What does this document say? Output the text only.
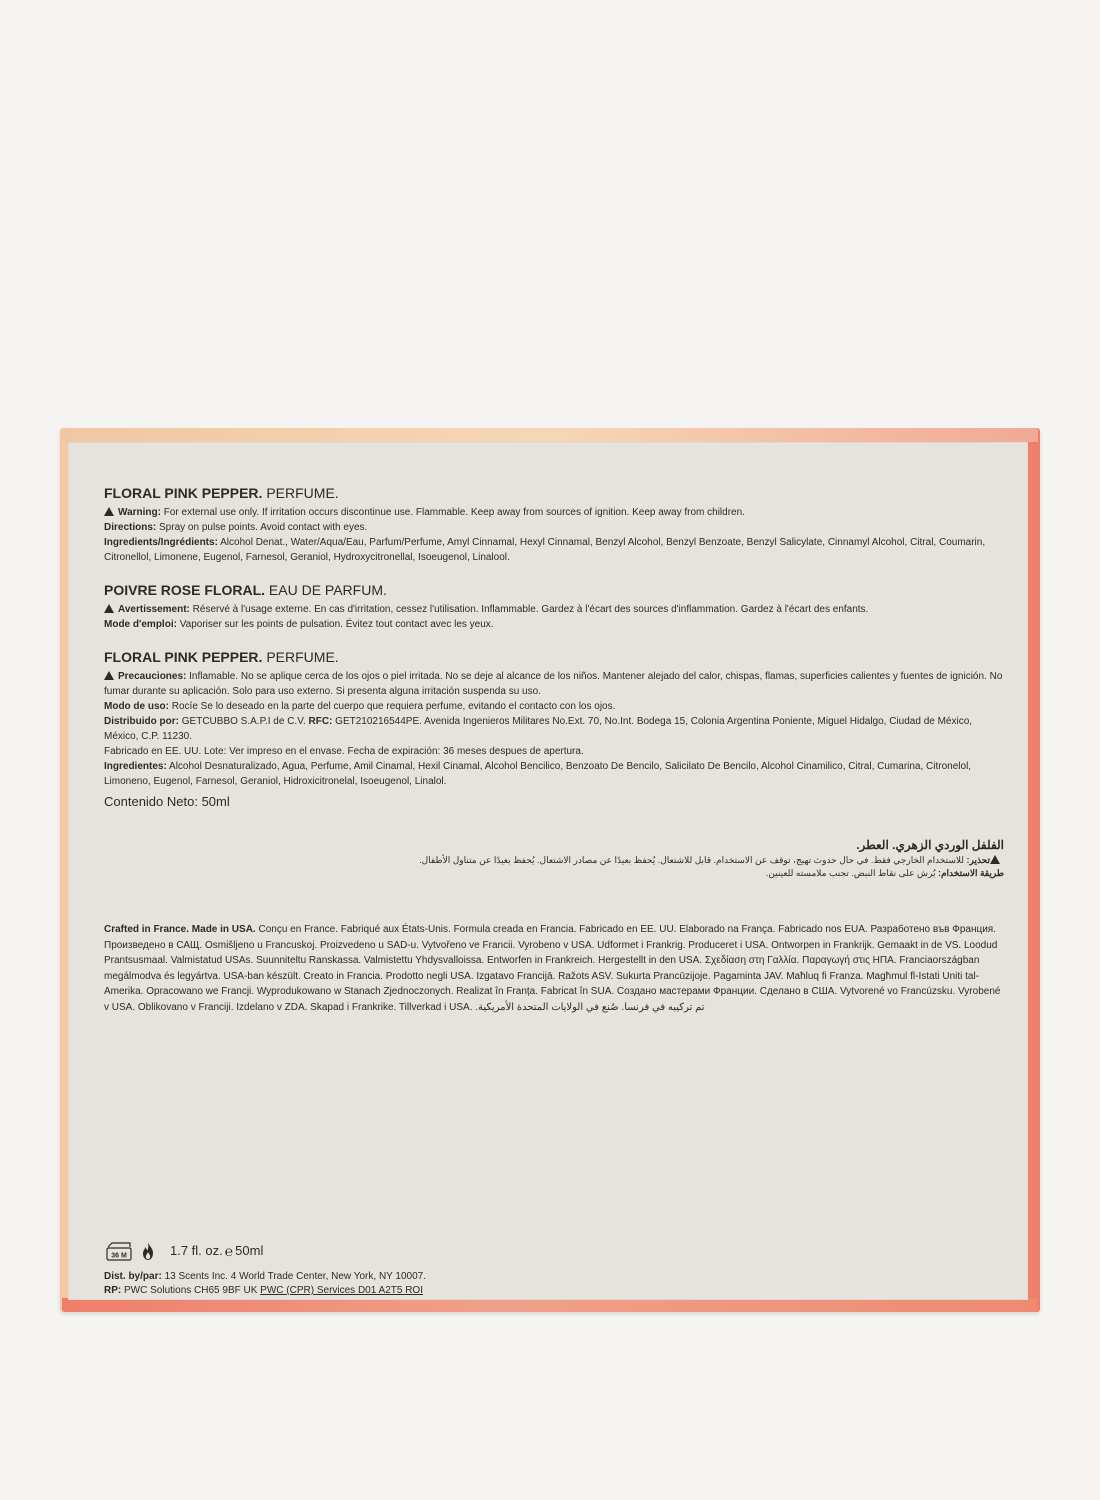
FLORAL PINK PEPPER. PERFUME.

Warning: For external use only. If irritation occurs discontinue use. Flammable. Keep away from sources of ignition. Keep away from children.

Directions: Spray on pulse points. Avoid contact with eyes.

Ingredients/Ingrédients: Alcohol Denat., Water/Aqua/Eau, Parfum/Perfume, Amyl Cinnamal, Hexyl Cinnamal, Benzyl Alcohol, Benzyl Benzoate, Benzyl Salicylate, Cinnamyl Alcohol, Citral, Coumarin, Citronellol, Limonene, Eugenol, Farnesol, Geraniol, Hydroxycitronellal, Isoeugenol, Linalool.

POIVRE ROSE FLORAL. EAU DE PARFUM.

Avertissement: Réservé à l'usage externe. En cas d'irritation, cessez l'utilisation. Inflammable. Gardez à l'écart des sources d'inflammation. Gardez à l'écart des enfants.

Mode d'emploi: Vaporiser sur les points de pulsation. Évitez tout contact avec les yeux.

FLORAL PINK PEPPER. PERFUME.

Precauciones: Inflamable. No se aplique cerca de los ojos o piel irritada. No se deje al alcance de los niños. Mantener alejado del calor, chispas, flamas, superficies calientes y fuentes de ignición. No fumar durante su aplicación. Solo para uso externo. Si presenta alguna irritación suspenda su uso.

Modo de uso: Rocíe Se lo deseado en la parte del cuerpo que requiera perfume, evitando el contacto con los ojos.

Distribuido por: GETCUBBO S.A.P.I de C.V. RFC: GET210216544PE. Avenida Ingenieros Militares No.Ext. 70, No.Int. Bodega 15, Colonia Argentina Poniente, Miguel Hidalgo, Ciudad de México, México, C.P. 11230.

Fabricado en EE. UU. Lote: Ver impreso en el envase. Fecha de expiración: 36 meses despues de apertura.

Ingredientes: Alcohol Desnaturalizado, Agua, Perfume, Amil Cinamal, Hexil Cinamal, Alcohol Bencilico, Benzoato De Bencilo, Salicilato De Bencilo, Alcohol Cinamilico, Citral, Cumarina, Citronelol, Limoneno, Eugenol, Farnesol, Geraniol, Hidroxicitronelal, Isoeugenol, Linalol.

Contenido Neto: 50ml
الفلفل الوردي الزهري. العطر.

تحذير: للاستخدام الخارجي فقط. في حال حدوث تهيج، توقف عن الاستخدام. قابل للاشتعال. يُحفظ بعيدًا عن مصادر الاشتعال. يُحفظ بعيدًا عن متناول الأطفال.

طريقة الاستخدام: يُرش على نقاط النبض. تجنب ملامسته للعينين.

Crafted in France. Made in USA. Conçu en France. Fabriqué aux États-Unis. Formula creada en Francia. Fabricado en EE. UU. Elaborado na França. Fabricado nos EUA. Разработено във Франция. Произведено в САЩ. Osmišljeno u Francuskoj. Proizvedeno u SAD-u. Vytvořeno ve Francii. Vyrobeno v USA. Udformet i Frankrig. Produceret i USA. Ontworpen in Frankrijk. Gemaakt in de VS. Loodud Prantsusmaal. Valmistatud USAs. Suunniteltu Ranskassa. Valmistettu Yhdysvalloissa. Entworfen in Frankreich. Hergestellt in den USA. Σχεδίαση στη Γαλλία. Παραγωγή στις ΗΠΑ. Franciaországban megálmodva és legyártva. USA-ban készült. Creato in Francia. Prodotto negli USA. Izgatavo Francijā. Ražots ASV. Sukurta Prancūzijoje. Pagaminta JAV. Maħluq fi Franza. Magħmul fl-Istati Uniti tal-Amerika. Opracowano we Francji. Wyprodukowano w Stanach Zjednoczonych. Realizat în Franța. Fabricat în SUA. Создано мастерами Франции. Сделано в США. Vytvorené vo Francúzsku. Vyrobené v USA. Oblikovano v Franciji. Izdelano v ZDA. Skapad i Frankrike. Tillverkad i USA. تم تركيبه في فرنسا. صُنع في الولايات المتحدة الأمريكية.

36 M	1.7 fl. oz. ℮ 50ml

Dist. by/par: 13 Scents Inc. 4 World Trade Center, New York, NY 10007.

RP: PWC Solutions CH65 9BF UK PWC (CPR) Services D01 A2T5 ROI
